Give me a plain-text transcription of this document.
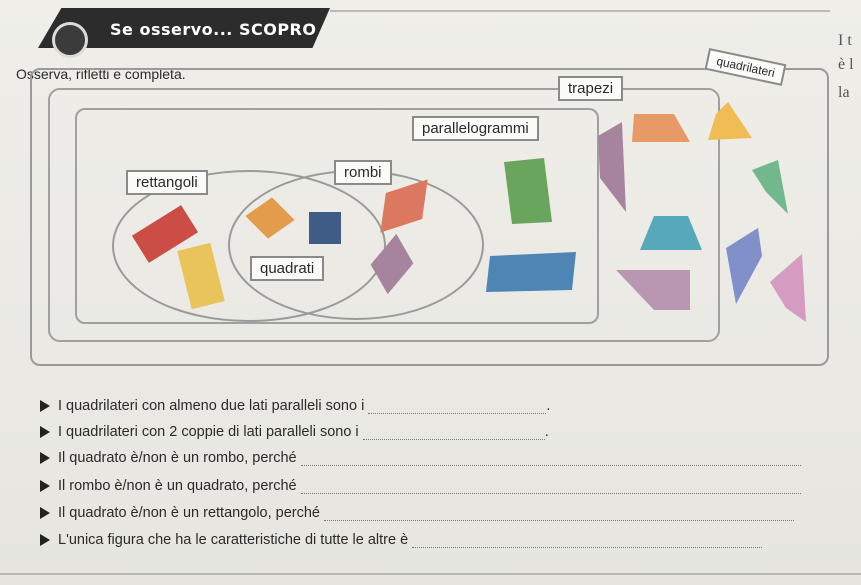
Se osservo... SCOPRO
I t
è l
la
Osserva, rifletti e completa.	quadrilateri
trapezi
parallelogrammi
rettangoli
rombi
quadrati
I quadrilateri con almeno due lati paralleli sono i	.
I quadrilateri con 2 coppie di lati paralleli sono i	.
Il quadrato è/non è un rombo, perché
Il rombo è/non è un quadrato, perché
Il quadrato è/non è un rettangolo, perché
L'unica figura che ha le caratteristiche di tutte le altre è
